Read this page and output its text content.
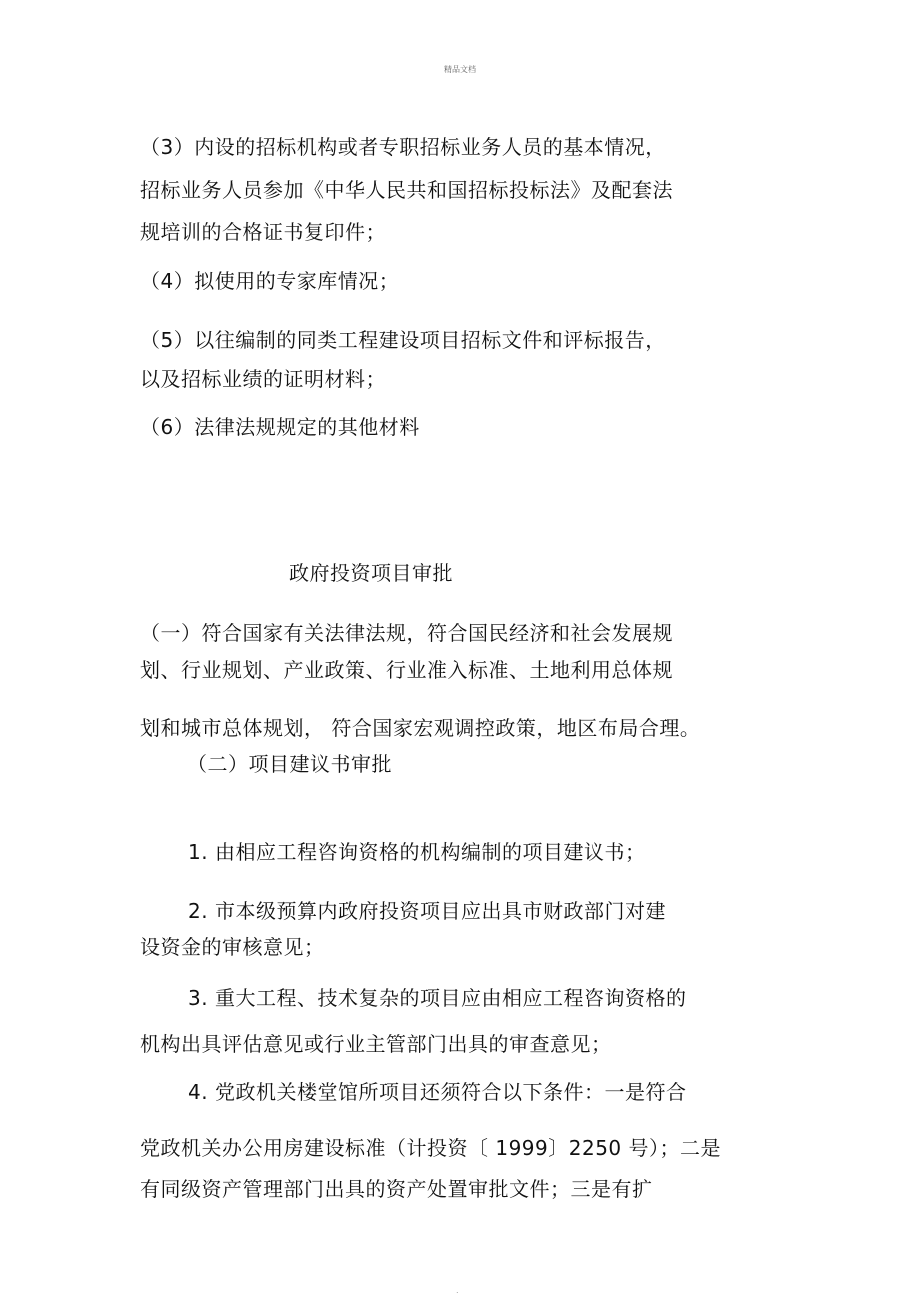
精品文档
（3）内设的招标机构或者专职招标业务人员的基本情况，
招标业务人员参加《中华人民共和国招标投标法》及配套法
规培训的合格证书复印件；
（4）拟使用的专家库情况；
（5）以往编制的同类工程建设项目招标文件和评标报告，
以及招标业绩的证明材料；
（6）法律法规规定的其他材料
政府投资项目审批
（一）符合国家有关法律法规，符合国民经济和社会发展规
划、行业规划、产业政策、行业准入标准、土地利用总体规
划和城市总体规划， 符合国家宏观调控政策，地区布局合理。
（二）项目建议书审批
1. 由相应工程咨询资格的机构编制的项目建议书；
2. 市本级预算内政府投资项目应出具市财政部门对建
设资金的审核意见；
3. 重大工程、技术复杂的项目应由相应工程咨询资格的
机构出具评估意见或行业主管部门出具的审查意见；
4. 党政机关楼堂馆所项目还须符合以下条件：一是符合
党政机关办公用房建设标准（计投资〔 1999〕2250 号）；二是
有同级资产管理部门出具的资产处置审批文件；三是有扩
.
